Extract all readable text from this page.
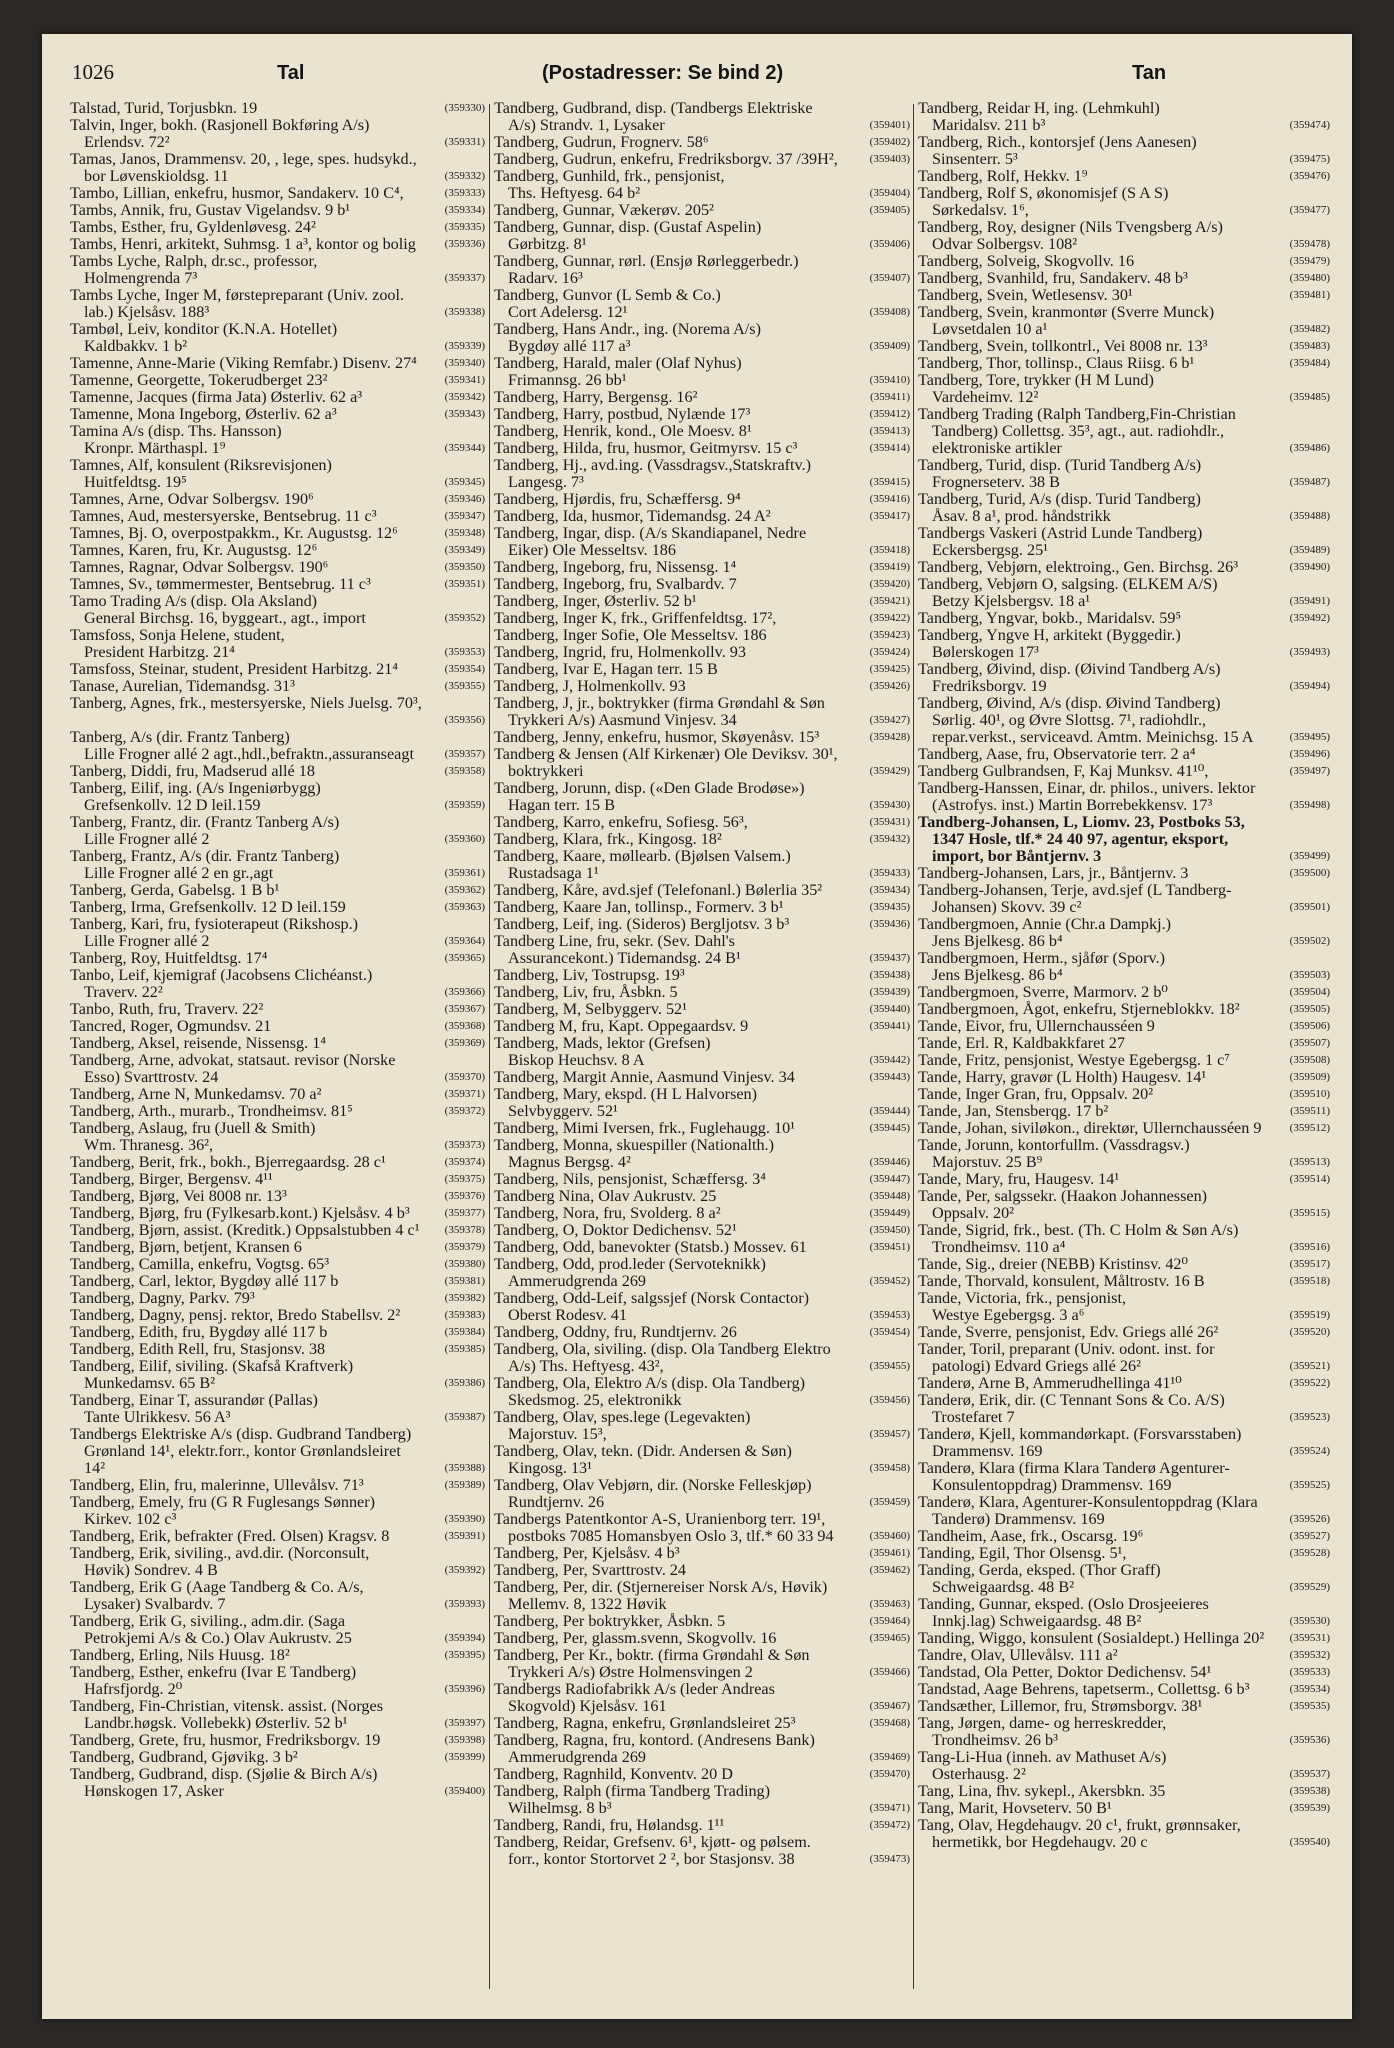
1026	Tal	(Postadresser: Se bind 2)	Tan
Talstad, Turid, Torjusbkn. 19	(359330)
Talvin, Inger, bokh. (Rasjonell Bokføring A/s)
Erlendsv. 72²	(359331)
Tamas, Janos, Drammensv. 20, , lege, spes. hudsykd.,
bor Løvenskioldsg. 11	(359332)
Tambo, Lillian, enkefru, husmor, Sandakerv. 10 C⁴,	(359333)
Tambs, Annik, fru, Gustav Vigelandsv. 9 b¹	(359334)
Tambs, Esther, fru, Gyldenløvesg. 24²	(359335)
Tambs, Henri, arkitekt, Suhmsg. 1 a³, kontor og bolig	(359336)
Tambs Lyche, Ralph, dr.sc., professor,
Holmengrenda 7³	(359337)
Tambs Lyche, Inger M, førstepreparant (Univ. zool.
lab.) Kjelsåsv. 188³	(359338)
Tambøl, Leiv, konditor (K.N.A. Hotellet)
Kaldbakkv. 1 b²	(359339)
Tamenne, Anne-Marie (Viking Remfabr.) Disenv. 27⁴	(359340)
Tamenne, Georgette, Tokerudberget 23²	(359341)
Tamenne, Jacques (firma Jata) Østerliv. 62 a³	(359342)
Tamenne, Mona Ingeborg, Østerliv. 62 a³	(359343)
Tamina A/s (disp. Ths. Hansson)
Kronpr. Märthaspl. 1⁹	(359344)
Tamnes, Alf, konsulent (Riksrevisjonen)
Huitfeldtsg. 19⁵	(359345)
Tamnes, Arne, Odvar Solbergsv. 190⁶	(359346)
Tamnes, Aud, mestersyerske, Bentsebrug. 11 c³	(359347)
Tamnes, Bj. O, overpostpakkm., Kr. Augustsg. 12⁶	(359348)
Tamnes, Karen, fru, Kr. Augustsg. 12⁶	(359349)
Tamnes, Ragnar, Odvar Solbergsv. 190⁶	(359350)
Tamnes, Sv., tømmermester, Bentsebrug. 11 c³	(359351)
Tamo Trading A/s (disp. Ola Aksland)
General Birchsg. 16, byggeart., agt., import	(359352)
Tamsfoss, Sonja Helene, student,
President Harbitzg. 21⁴	(359353)
Tamsfoss, Steinar, student, President Harbitzg. 21⁴	(359354)
Tanase, Aurelian, Tidemandsg. 31³	(359355)
Tanberg, Agnes, frk., mestersyerske, Niels Juelsg. 70³,
(359356)
Tanberg, A/s (dir. Frantz Tanberg)
Lille Frogner allé 2 agt.,hdl.,befraktn.,assuranseagt	(359357)
Tanberg, Diddi, fru, Madserud allé 18	(359358)
Tanberg, Eilif, ing. (A/s Ingeniørbygg)
Grefsenkollv. 12 D leil.159	(359359)
Tanberg, Frantz, dir. (Frantz Tanberg A/s)
Lille Frogner allé 2	(359360)
Tanberg, Frantz, A/s (dir. Frantz Tanberg)
Lille Frogner allé 2 en gr.,agt	(359361)
Tanberg, Gerda, Gabelsg. 1 B b¹	(359362)
Tanberg, Irma, Grefsenkollv. 12 D leil.159	(359363)
Tanberg, Kari, fru, fysioterapeut (Rikshosp.)
Lille Frogner allé 2	(359364)
Tanberg, Roy, Huitfeldtsg. 17⁴	(359365)
Tanbo, Leif, kjemigraf (Jacobsens Clichéanst.)
Traverv. 22²	(359366)
Tanbo, Ruth, fru, Traverv. 22²	(359367)
Tancred, Roger, Ogmundsv. 21	(359368)
Tandberg, Aksel, reisende, Nissensg. 1⁴	(359369)
Tandberg, Arne, advokat, statsaut. revisor (Norske
Esso) Svarttrostv. 24	(359370)
Tandberg, Arne N, Munkedamsv. 70 a²	(359371)
Tandberg, Arth., murarb., Trondheimsv. 81⁵	(359372)
Tandberg, Aslaug, fru (Juell & Smith)
Wm. Thranesg. 36²,	(359373)
Tandberg, Berit, frk., bokh., Bjerregaardsg. 28 c¹	(359374)
Tandberg, Birger, Bergensv. 4¹¹	(359375)
Tandberg, Bjørg, Vei 8008 nr. 13³	(359376)
Tandberg, Bjørg, fru (Fylkesarb.kont.) Kjelsåsv. 4 b³	(359377)
Tandberg, Bjørn, assist. (Kreditk.) Oppsalstubben 4 c¹	(359378)
Tandberg, Bjørn, betjent, Kransen 6	(359379)
Tandberg, Camilla, enkefru, Vogtsg. 65³	(359380)
Tandberg, Carl, lektor, Bygdøy allé 117 b	(359381)
Tandberg, Dagny, Parkv. 79³	(359382)
Tandberg, Dagny, pensj. rektor, Bredo Stabellsv. 2²	(359383)
Tandberg, Edith, fru, Bygdøy allé 117 b	(359384)
Tandberg, Edith Rell, fru, Stasjonsv. 38	(359385)
Tandberg, Eilif, siviling. (Skafså Kraftverk)
Munkedamsv. 65 B²	(359386)
Tandberg, Einar T, assurandør (Pallas)
Tante Ulrikkesv. 56 A³	(359387)
Tandbergs Elektriske A/s (disp. Gudbrand Tandberg)
Grønland 14¹, elektr.forr., kontor Grønlandsleiret
14²	(359388)
Tandberg, Elin, fru, malerinne, Ullevålsv. 71³	(359389)
Tandberg, Emely, fru (G R Fuglesangs Sønner)
Kirkev. 102 c³	(359390)
Tandberg, Erik, befrakter (Fred. Olsen) Kragsv. 8	(359391)
Tandberg, Erik, siviling., avd.dir. (Norconsult,
Høvik) Sondrev. 4 B	(359392)
Tandberg, Erik G (Aage Tandberg & Co. A/s,
Lysaker) Svalbardv. 7	(359393)
Tandberg, Erik G, siviling., adm.dir. (Saga
Petrokjemi A/s & Co.) Olav Aukrustv. 25	(359394)
Tandberg, Erling, Nils Huusg. 18²	(359395)
Tandberg, Esther, enkefru (Ivar E Tandberg)
Hafrsfjordg. 2⁰	(359396)
Tandberg, Fin-Christian, vitensk. assist. (Norges
Landbr.høgsk. Vollebekk) Østerliv. 52 b¹	(359397)
Tandberg, Grete, fru, husmor, Fredriksborgv. 19	(359398)
Tandberg, Gudbrand, Gjøvikg. 3 b²	(359399)
Tandberg, Gudbrand, disp. (Sjølie & Birch A/s)
Hønskogen 17, Asker	(359400)
Tandberg, Gudbrand, disp. (Tandbergs Elektriske
A/s) Strandv. 1, Lysaker	(359401)
Tandberg, Gudrun, Frognerv. 58⁶	(359402)
Tandberg, Gudrun, enkefru, Fredriksborgv. 37 /39H²,	(359403)
Tandberg, Gunhild, frk., pensjonist,
Ths. Heftyesg. 64 b²	(359404)
Tandberg, Gunnar, Vækerøv. 205²	(359405)
Tandberg, Gunnar, disp. (Gustaf Aspelin)
Gørbitzg. 8¹	(359406)
Tandberg, Gunnar, rørl. (Ensjø Rørleggerbedr.)
Radarv. 16³	(359407)
Tandberg, Gunvor (L Semb & Co.)
Cort Adelersg. 12¹	(359408)
Tandberg, Hans Andr., ing. (Norema A/s)
Bygdøy allé 117 a³	(359409)
Tandberg, Harald, maler (Olaf Nyhus)
Frimannsg. 26 bb¹	(359410)
Tandberg, Harry, Bergensg. 16²	(359411)
Tandberg, Harry, postbud, Nylænde 17³	(359412)
Tandberg, Henrik, kond., Ole Moesv. 8¹	(359413)
Tandberg, Hilda, fru, husmor, Geitmyrsv. 15 c³	(359414)
Tandberg, Hj., avd.ing. (Vassdragsv.,Statskraftv.)
Langesg. 7³	(359415)
Tandberg, Hjørdis, fru, Schæffersg. 9⁴	(359416)
Tandberg, Ida, husmor, Tidemandsg. 24 A²	(359417)
Tandberg, Ingar, disp. (A/s Skandiapanel, Nedre
Eiker) Ole Messeltsv. 186	(359418)
Tandberg, Ingeborg, fru, Nissensg. 1⁴	(359419)
Tandberg, Ingeborg, fru, Svalbardv. 7	(359420)
Tandberg, Inger, Østerliv. 52 b¹	(359421)
Tandberg, Inger K, frk., Griffenfeldtsg. 17²,	(359422)
Tandberg, Inger Sofie, Ole Messeltsv. 186	(359423)
Tandberg, Ingrid, fru, Holmenkollv. 93	(359424)
Tandberg, Ivar E, Hagan terr. 15 B	(359425)
Tandberg, J, Holmenkollv. 93	(359426)
Tandberg, J, jr., boktrykker (firma Grøndahl & Søn
Trykkeri A/s) Aasmund Vinjesv. 34	(359427)
Tandberg, Jenny, enkefru, husmor, Skøyenåsv. 15³	(359428)
Tandberg & Jensen (Alf Kirkenær) Ole Deviksv. 30¹,
boktrykkeri	(359429)
Tandberg, Jorunn, disp. («Den Glade Brodøse»)
Hagan terr. 15 B	(359430)
Tandberg, Karro, enkefru, Sofiesg. 56³,	(359431)
Tandberg, Klara, frk., Kingosg. 18²	(359432)
Tandberg, Kaare, møllearb. (Bjølsen Valsem.)
Rustadsaga 1¹	(359433)
Tandberg, Kåre, avd.sjef (Telefonanl.) Bølerlia 35²	(359434)
Tandberg, Kaare Jan, tollinsp., Formerv. 3 b¹	(359435)
Tandberg, Leif, ing. (Sideros) Bergljotsv. 3 b³	(359436)
Tandberg Line, fru, sekr. (Sev. Dahl's
Assurancekont.) Tidemandsg. 24 B¹	(359437)
Tandberg, Liv, Tostrupsg. 19³	(359438)
Tandberg, Liv, fru, Åsbkn. 5	(359439)
Tandberg, M, Selbyggerv. 52¹	(359440)
Tandberg M, fru, Kapt. Oppegaardsv. 9	(359441)
Tandberg, Mads, lektor (Grefsen)
Biskop Heuchsv. 8 A	(359442)
Tandberg, Margit Annie, Aasmund Vinjesv. 34	(359443)
Tandberg, Mary, ekspd. (H L Halvorsen)
Selvbyggerv. 52¹	(359444)
Tandberg, Mimi Iversen, frk., Fuglehaugg. 10¹	(359445)
Tandberg, Monna, skuespiller (Nationalth.)
Magnus Bergsg. 4²	(359446)
Tandberg, Nils, pensjonist, Schæffersg. 3⁴	(359447)
Tandberg Nina, Olav Aukrustv. 25	(359448)
Tandberg, Nora, fru, Svolderg. 8 a²	(359449)
Tandberg, O, Doktor Dedichensv. 52¹	(359450)
Tandberg, Odd, banevokter (Statsb.) Mossev. 61	(359451)
Tandberg, Odd, prod.leder (Servoteknikk)
Ammerudgrenda 269	(359452)
Tandberg, Odd-Leif, salgssjef (Norsk Contactor)
Oberst Rodesv. 41	(359453)
Tandberg, Oddny, fru, Rundtjernv. 26	(359454)
Tandberg, Ola, siviling. (disp. Ola Tandberg Elektro
A/s) Ths. Heftyesg. 43²,	(359455)
Tandberg, Ola, Elektro A/s (disp. Ola Tandberg)
Skedsmog. 25, elektronikk	(359456)
Tandberg, Olav, spes.lege (Legevakten)
Majorstuv. 15³,	(359457)
Tandberg, Olav, tekn. (Didr. Andersen & Søn)
Kingosg. 13¹	(359458)
Tandberg, Olav Vebjørn, dir. (Norske Felleskjøp)
Rundtjernv. 26	(359459)
Tandbergs Patentkontor A-S, Uranienborg terr. 19¹,
postboks 7085 Homansbyen Oslo 3, tlf.* 60 33 94	(359460)
Tandberg, Per, Kjelsåsv. 4 b³	(359461)
Tandberg, Per, Svarttrostv. 24	(359462)
Tandberg, Per, dir. (Stjernereiser Norsk A/s, Høvik)
Mellemv. 8, 1322 Høvik	(359463)
Tandberg, Per boktrykker, Åsbkn. 5	(359464)
Tandberg, Per, glassm.svenn, Skogvollv. 16	(359465)
Tandberg, Per Kr., boktr. (firma Grøndahl & Søn
Trykkeri A/s) Østre Holmensvingen 2	(359466)
Tandbergs Radiofabrikk A/s (leder Andreas
Skogvold) Kjelsåsv. 161	(359467)
Tandberg, Ragna, enkefru, Grønlandsleiret 25³	(359468)
Tandberg, Ragna, fru, kontord. (Andresens Bank)
Ammerudgrenda 269	(359469)
Tandberg, Ragnhild, Konventv. 20 D	(359470)
Tandberg, Ralph (firma Tandberg Trading)
Wilhelmsg. 8 b³	(359471)
Tandberg, Randi, fru, Hølandsg. 1¹¹	(359472)
Tandberg, Reidar, Grefsenv. 6¹, kjøtt- og pølsem.
forr., kontor Stortorvet 2 ², bor Stasjonsv. 38	(359473)
Tandberg, Reidar H, ing. (Lehmkuhl)
Maridalsv. 211 b³	(359474)
Tandberg, Rich., kontorsjef (Jens Aanesen)
Sinsenterr. 5³	(359475)
Tandberg, Rolf, Hekkv. 1⁹	(359476)
Tandberg, Rolf S, økonomisjef (S A S)
Sørkedalsv. 1⁶,	(359477)
Tandberg, Roy, designer (Nils Tvengsberg A/s)
Odvar Solbergsv. 108²	(359478)
Tandberg, Solveig, Skogvollv. 16	(359479)
Tandberg, Svanhild, fru, Sandakerv. 48 b³	(359480)
Tandberg, Svein, Wetlesensv. 30¹	(359481)
Tandberg, Svein, kranmontør (Sverre Munck)
Løvsetdalen 10 a¹	(359482)
Tandberg, Svein, tollkontrl., Vei 8008 nr. 13³	(359483)
Tandberg, Thor, tollinsp., Claus Riisg. 6 b¹	(359484)
Tandberg, Tore, trykker (H M Lund)
Vardeheimv. 12²	(359485)
Tandberg Trading (Ralph Tandberg,Fin-Christian
Tandberg) Collettsg. 35³, agt., aut. radiohdlr.,
elektroniske artikler	(359486)
Tandberg, Turid, disp. (Turid Tandberg A/s)
Frognerseterv. 38 B	(359487)
Tandberg, Turid, A/s (disp. Turid Tandberg)
Åsav. 8 a¹, prod. håndstrikk	(359488)
Tandbergs Vaskeri (Astrid Lunde Tandberg)
Eckersbergsg. 25¹	(359489)
Tandberg, Vebjørn, elektroing., Gen. Birchsg. 26³	(359490)
Tandberg, Vebjørn O, salgsing. (ELKEM A/S)
Betzy Kjelsbergsv. 18 a¹	(359491)
Tandberg, Yngvar, bokb., Maridalsv. 59⁵	(359492)
Tandberg, Yngve H, arkitekt (Byggedir.)
Bølerskogen 17³	(359493)
Tandberg, Øivind, disp. (Øivind Tandberg A/s)
Fredriksborgv. 19	(359494)
Tandberg, Øivind, A/s (disp. Øivind Tandberg)
Sørlig. 40¹, og Øvre Slottsg. 7¹, radiohdlr.,
repar.verkst., serviceavd. Amtm. Meinichsg. 15 A	(359495)
Tandberg, Aase, fru, Observatorie terr. 2 a⁴	(359496)
Tandberg Gulbrandsen, F, Kaj Munksv. 41¹⁰,	(359497)
Tandberg-Hanssen, Einar, dr. philos., univers. lektor
(Astrofys. inst.) Martin Borrebekkensv. 17³	(359498)
Tandberg-Johansen, L, Liomv. 23, Postboks 53,
1347 Hosle, tlf.* 24 40 97, agentur, eksport,
import, bor Båntjernv. 3	(359499)
Tandberg-Johansen, Lars, jr., Båntjernv. 3	(359500)
Tandberg-Johansen, Terje, avd.sjef (L Tandberg-
Johansen) Skovv. 39 c²	(359501)
Tandbergmoen, Annie (Chr.a Dampkj.)
Jens Bjelkesg. 86 b⁴	(359502)
Tandbergmoen, Herm., sjåfør (Sporv.)
Jens Bjelkesg. 86 b⁴	(359503)
Tandbergmoen, Sverre, Marmorv. 2 b⁰	(359504)
Tandbergmoen, Ågot, enkefru, Stjerneblokkv. 18²	(359505)
Tande, Eivor, fru, Ullernchausséen 9	(359506)
Tande, Erl. R, Kaldbakkfaret 27	(359507)
Tande, Fritz, pensjonist, Westye Egebergsg. 1 c⁷	(359508)
Tande, Harry, gravør (L Holth) Haugesv. 14¹	(359509)
Tande, Inger Gran, fru, Oppsalv. 20²	(359510)
Tande, Jan, Stensberqg. 17 b²	(359511)
Tande, Johan, siviløkon., direktør, Ullernchausséen 9	(359512)
Tande, Jorunn, kontorfullm. (Vassdragsv.)
Majorstuv. 25 B⁹	(359513)
Tande, Mary, fru, Haugesv. 14¹	(359514)
Tande, Per, salgssekr. (Haakon Johannessen)
Oppsalv. 20²	(359515)
Tande, Sigrid, frk., best. (Th. C Holm & Søn A/s)
Trondheimsv. 110 a⁴	(359516)
Tande, Sig., dreier (NEBB) Kristinsv. 42⁰	(359517)
Tande, Thorvald, konsulent, Måltrostv. 16 B	(359518)
Tande, Victoria, frk., pensjonist,
Westye Egebergsg. 3 a⁶	(359519)
Tande, Sverre, pensjonist, Edv. Griegs allé 26²	(359520)
Tander, Toril, preparant (Univ. odont. inst. for
patologi) Edvard Griegs allé 26²	(359521)
Tanderø, Arne B, Ammerudhellinga 41¹⁰	(359522)
Tanderø, Erik, dir. (C Tennant Sons & Co. A/S)
Trostefaret 7	(359523)
Tanderø, Kjell, kommandørkapt. (Forsvarsstaben)
Drammensv. 169	(359524)
Tanderø, Klara (firma Klara Tanderø Agenturer-
Konsulentoppdrag) Drammensv. 169	(359525)
Tanderø, Klara, Agenturer-Konsulentoppdrag (Klara
Tanderø) Drammensv. 169	(359526)
Tandheim, Aase, frk., Oscarsg. 19⁶	(359527)
Tanding, Egil, Thor Olsensg. 5¹,	(359528)
Tanding, Gerda, eksped. (Thor Graff)
Schweigaardsg. 48 B²	(359529)
Tanding, Gunnar, eksped. (Oslo Drosjeeieres
Innkj.lag) Schweigaardsg. 48 B²	(359530)
Tanding, Wiggo, konsulent (Sosialdept.) Hellinga 20²	(359531)
Tandre, Olav, Ullevålsv. 111 a²	(359532)
Tandstad, Ola Petter, Doktor Dedichensv. 54¹	(359533)
Tandstad, Aage Behrens, tapetserm., Collettsg. 6 b³	(359534)
Tandsæther, Lillemor, fru, Strømsborgv. 38¹	(359535)
Tang, Jørgen, dame- og herreskredder,
Trondheimsv. 26 b³	(359536)
Tang-Li-Hua (inneh. av Mathuset A/s)
Osterhausg. 2²	(359537)
Tang, Lina, fhv. sykepl., Akersbkn. 35	(359538)
Tang, Marit, Hovseterv. 50 B¹	(359539)
Tang, Olav, Hegdehaugv. 20 c¹, frukt, grønnsaker,
hermetikk, bor Hegdehaugv. 20 c	(359540)
